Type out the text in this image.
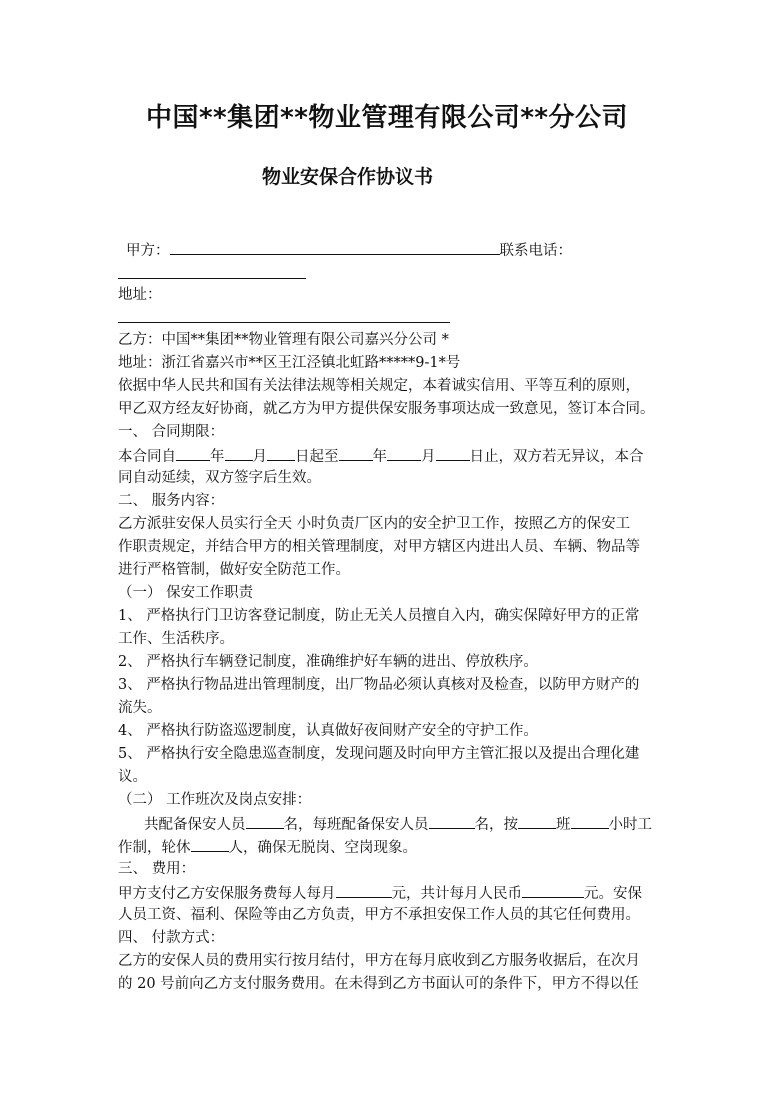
中国**集团**物业管理有限公司**分公司
物业安保合作协议书
甲方：	联系电话：
地址：
乙方：中国**集团**物业管理有限公司嘉兴分公司 *
地址：浙江省嘉兴市**区王江泾镇北虹路*****9-1*号
依据中华人民共和国有关法律法规等相关规定，本着诚实信用、平等互利的原则，
甲乙双方经友好协商，就乙方为甲方提供保安服务事项达成一致意见，签订本合同。
一、 合同期限：
本合同自 年 月 日起至 年 月 日止，双方若无异议，本合
同自动延续，双方签字后生效。
二、 服务内容：
乙方派驻安保人员实行全天 小时负责厂区内的安全护卫工作，按照乙方的保安工
作职责规定，并结合甲方的相关管理制度，对甲方辖区内进出人员、车辆、物品等
进行严格管制，做好安全防范工作。
（一） 保安工作职责
1、 严格执行门卫访客登记制度，防止无关人员擅自入内，确实保障好甲方的正常
工作、生活秩序。
2、 严格执行车辆登记制度，准确维护好车辆的进出、停放秩序。
3、 严格执行物品进出管理制度，出厂物品必须认真核对及检查，以防甲方财产的
流失。
4、 严格执行防盗巡逻制度，认真做好夜间财产安全的守护工作。
5、 严格执行安全隐患巡查制度，发现问题及时向甲方主管汇报以及提出合理化建
议。
（二） 工作班次及岗点安排：
共配备保安人员	名，每班配备保安人员	名，按	班	小时工
作制，轮休	人，确保无脱岗、空岗现象。
三、 费用：
甲方支付乙方安保服务费每人每月	元，共计每月人民币	元。安保
人员工资、福利、保险等由乙方负责，甲方不承担安保工作人员的其它任何费用。
四、 付款方式：
乙方的安保人员的费用实行按月结付，甲方在每月底收到乙方服务收据后，在次月
的 20 号前向乙方支付服务费用。在未得到乙方书面认可的条件下，甲方不得以任
